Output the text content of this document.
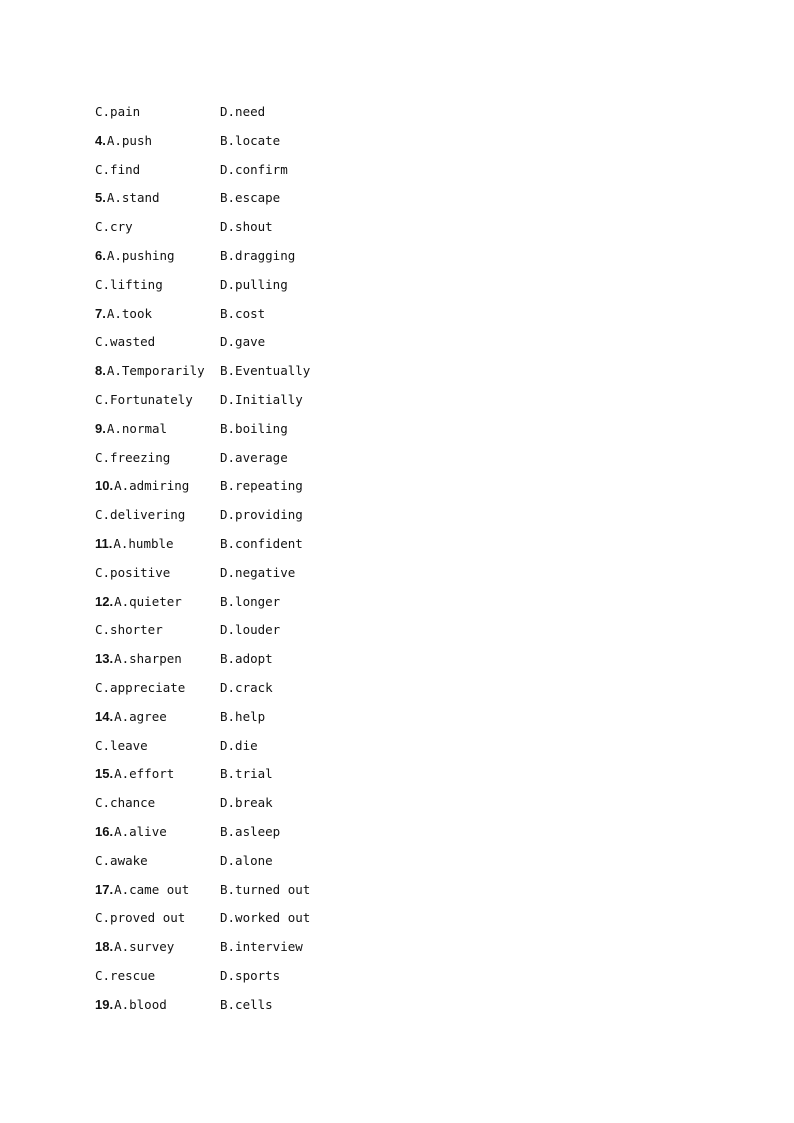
C.pain	D.need
4.A.push	B.locate
C.find	D.confirm
5.A.stand	B.escape
C.cry	D.shout
6.A.pushing	B.dragging
C.lifting	D.pulling
7.A.took	B.cost
C.wasted	D.gave
8.A.Temporarily B.Eventually
C.Fortunately D.Initially
9.A.normal	B.boiling
C.freezing	D.average
10.A.admiring B.repeating
C.delivering	D.providing
11.A.humble	B.confident
C.positive	D.negative
12.A.quieter	B.longer
C.shorter	D.louder
13.A.sharpen	B.adopt
C.appreciate	D.crack
14.A.agree	B.help
C.leave	D.die
15.A.effort	B.trial
C.chance	D.break
16.A.alive	B.asleep
C.awake	D.alone
17.A.came out B.turned out
C.proved out	D.worked out
18.A.survey	B.interview
C.rescue	D.sports
19.A.blood	B.cells
